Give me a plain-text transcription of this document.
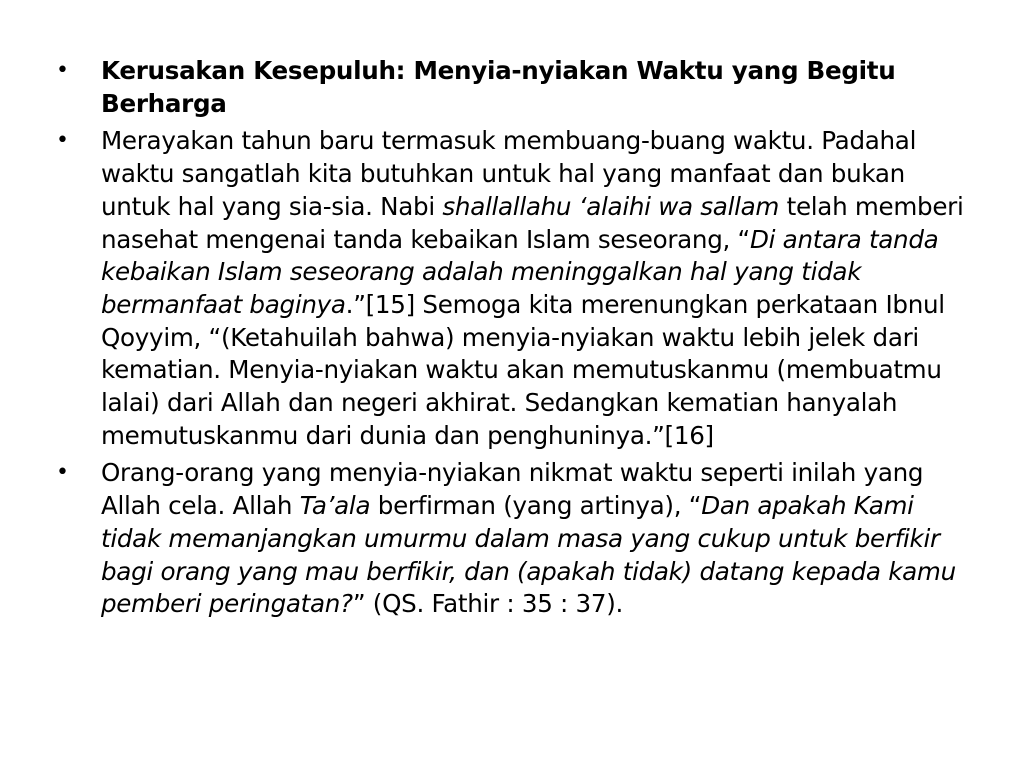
• Kerusakan Kesepuluh: Menyia-nyiakan Waktu yang Begitu Berharga
• Merayakan tahun baru termasuk membuang-buang waktu. Padahal waktu sangatlah kita butuhkan untuk hal yang manfaat dan bukan untuk hal yang sia-sia. Nabi shallallahu ‘alaihi wa sallam telah memberi nasehat mengenai tanda kebaikan Islam seseorang, “Di antara tanda kebaikan Islam seseorang adalah meninggalkan hal yang tidak bermanfaat baginya.”[15] Semoga kita merenungkan perkataan Ibnul Qoyyim, “(Ketahuilah bahwa) menyia-nyiakan waktu lebih jelek dari kematian. Menyia-nyiakan waktu akan memutuskanmu (membuatmu lalai) dari Allah dan negeri akhirat. Sedangkan kematian hanyalah memutuskanmu dari dunia dan penghuninya.”[16]
• Orang-orang yang menyia-nyiakan nikmat waktu seperti inilah yang Allah cela. Allah Ta’ala berfirman (yang artinya), “Dan apakah Kami tidak memanjangkan umurmu dalam masa yang cukup untuk berfikir bagi orang yang mau berfikir, dan (apakah tidak) datang kepada kamu pemberi peringatan?” (QS. Fathir : 35 : 37).
